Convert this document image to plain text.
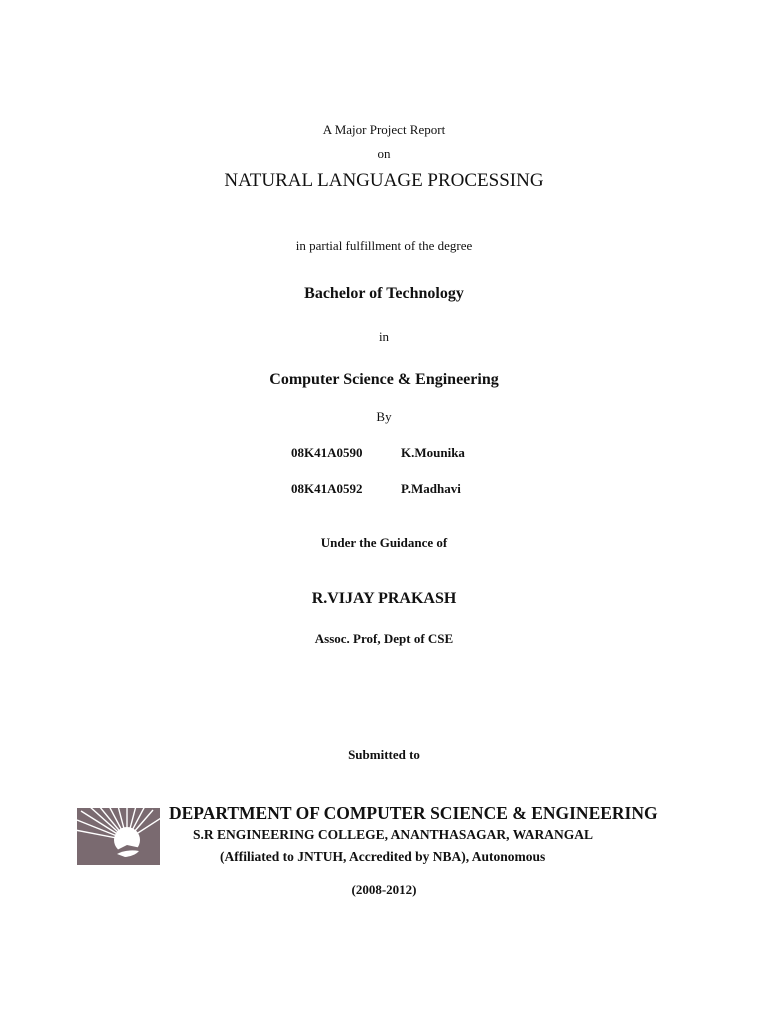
A Major Project Report
on
NATURAL LANGUAGE PROCESSING
in partial fulfillment of the degree
Bachelor of Technology
in
Computer Science & Engineering
By
08K41A0590	K.Mounika
08K41A0592	P.Madhavi
Under the Guidance of
R.VIJAY PRAKASH
Assoc. Prof, Dept of CSE
Submitted to
DEPARTMENT OF COMPUTER SCIENCE & ENGINEERING
S.R ENGINEERING COLLEGE, ANANTHASAGAR, WARANGAL
(Affiliated to JNTUH, Accredited by NBA), Autonomous
(2008-2012)
